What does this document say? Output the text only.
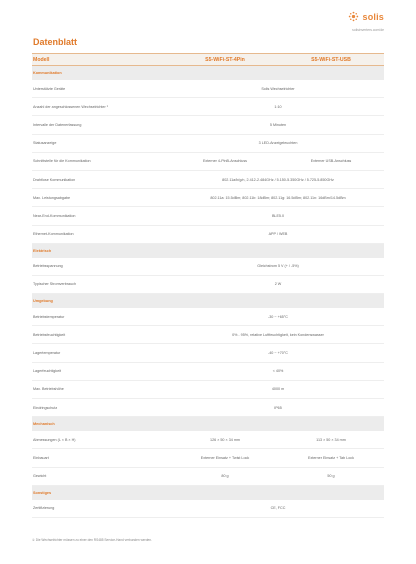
solis
solisinverters.com/de
Datenblatt
Modell	S5-WiFi-ST-4Pin	S5-WiFi-ST-USB
Kommunikation
Unterstützte Geräte	Solis Wechselrichter
Anzahl der angeschlossenen Wechselrichter ¹	1:10
Intervalle der Datenerfassung	5 Minuten
Statusanzeige	3 LED-Anzeigeleuchten
Schnittstelle für die Kommunikation	Externer 4-PinB-Anschluss	Externer USB-Anschluss
Drahtlose Kommunikation	802.11a/b/g/n, 2.412-2.484GHz / 5.150-5.350GHz / 5.725-5.850GHz
Max. Leistungsabgabe	802.11a: 15.5dBm; 802.11b: 18dBm; 802.11g: 16.5dBm; 802.11n: 16dBm/14.5dBm
Near-End-Kommunikation	BLE5.0
Ethernet-Kommunikation	APP / WEB
Elektrisch
Betriebsspannung	Gleichstrom 5 V (+ / -5%)
Typischer Stromverbrauch	2 W
Umgebung
Betriebstemperatur	-30 ~ +65°C
Betriebsfeuchtigkeit	0% - 95%, relative Luftfeuchtigkeit, kein Kondenswasser
Lagertemperatur	-40 ~ +70°C
Lagerfeuchtigkeit	< 40%
Max. Betriebshöhe	4000 m
Eindringschutz	IP65
Mechanisch
Abmessungen (L × B × H)	126 × 50 × 34 mm	113 × 50 × 34 mm
Einbauart	Externer Einsatz + Twist Lock	Externer Einsatz + Tab Lock
Gewicht	80 g	50 g
Sonstiges
Zertifizierung	CE, FCC
① Die Wechselrichter müssen zu einer den RS485 Service-Hand verbunden werden.
